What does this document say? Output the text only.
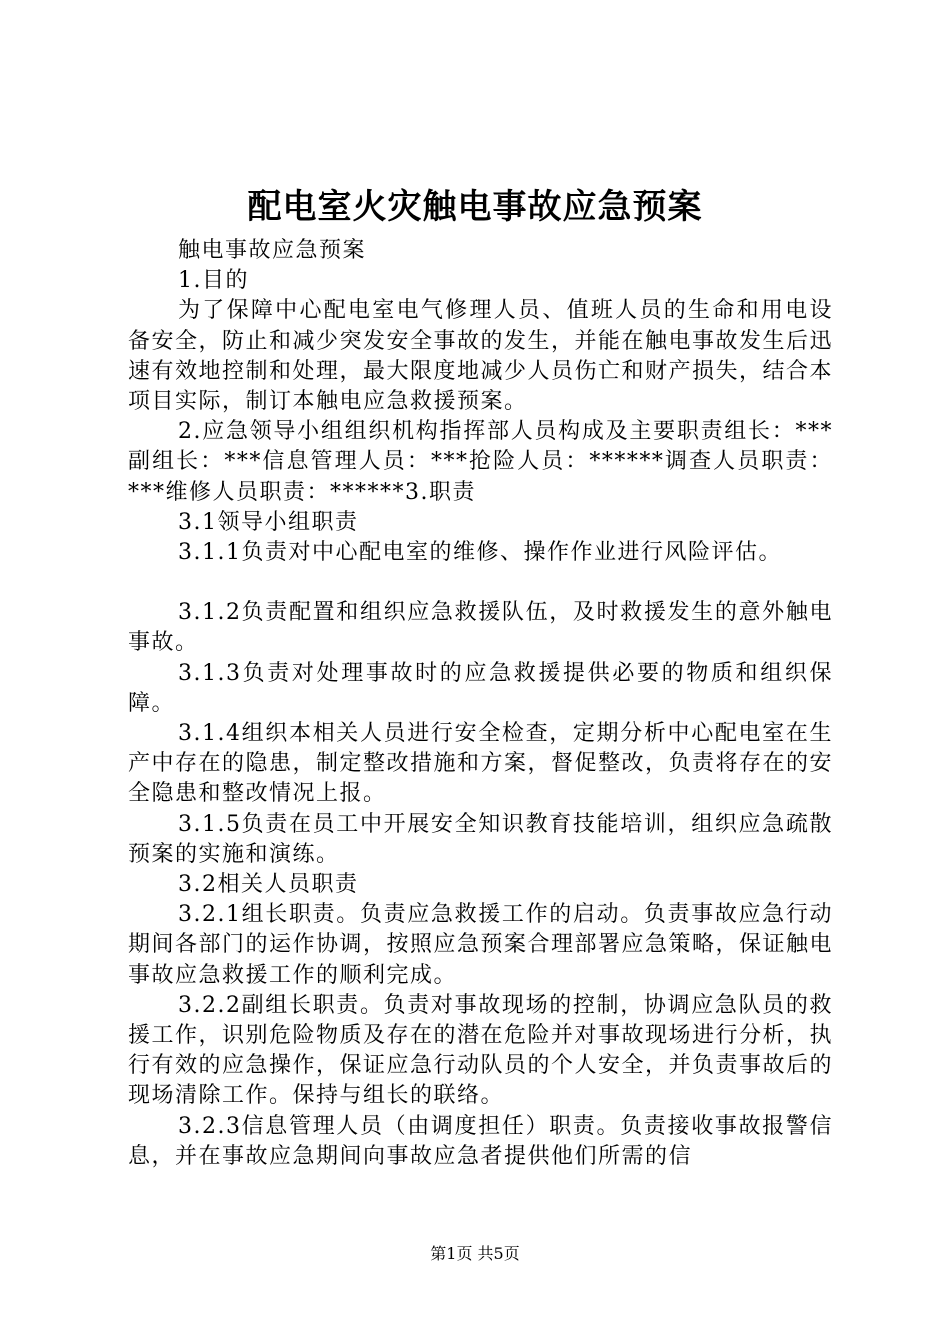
配电室火灾触电事故应急预案

触电事故应急预案

1.目的

为了保障中心配电室电气修理人员、值班人员的生命和用电设备安全，防止和减少突发安全事故的发生，并能在触电事故发生后迅速有效地控制和处理，最大限度地减少人员伤亡和财产损失，结合本项目实际，制订本触电应急救援预案。

2.应急领导小组组织机构指挥部人员构成及主要职责组长：***副组长：***信息管理人员：***抢险人员：******调查人员职责：***维修人员职责：******3.职责

3.1领导小组职责

3.1.1负责对中心配电室的维修、操作作业进行风险评估。

3.1.2负责配置和组织应急救援队伍，及时救援发生的意外触电事故。

3.1.3负责对处理事故时的应急救援提供必要的物质和组织保障。

3.1.4组织本相关人员进行安全检查，定期分析中心配电室在生产中存在的隐患，制定整改措施和方案，督促整改，负责将存在的安全隐患和整改情况上报。

3.1.5负责在员工中开展安全知识教育技能培训，组织应急疏散预案的实施和演练。

3.2相关人员职责

3.2.1组长职责。负责应急救援工作的启动。负责事故应急行动期间各部门的运作协调，按照应急预案合理部署应急策略，保证触电事故应急救援工作的顺利完成。

3.2.2副组长职责。负责对事故现场的控制，协调应急队员的救援工作，识别危险物质及存在的潜在危险并对事故现场进行分析，执行有效的应急操作，保证应急行动队员的个人安全，并负责事故后的现场清除工作。保持与组长的联络。

3.2.3信息管理人员（由调度担任）职责。负责接收事故报警信息，并在事故应急期间向事故应急者提供他们所需的信

第1页 共5页
